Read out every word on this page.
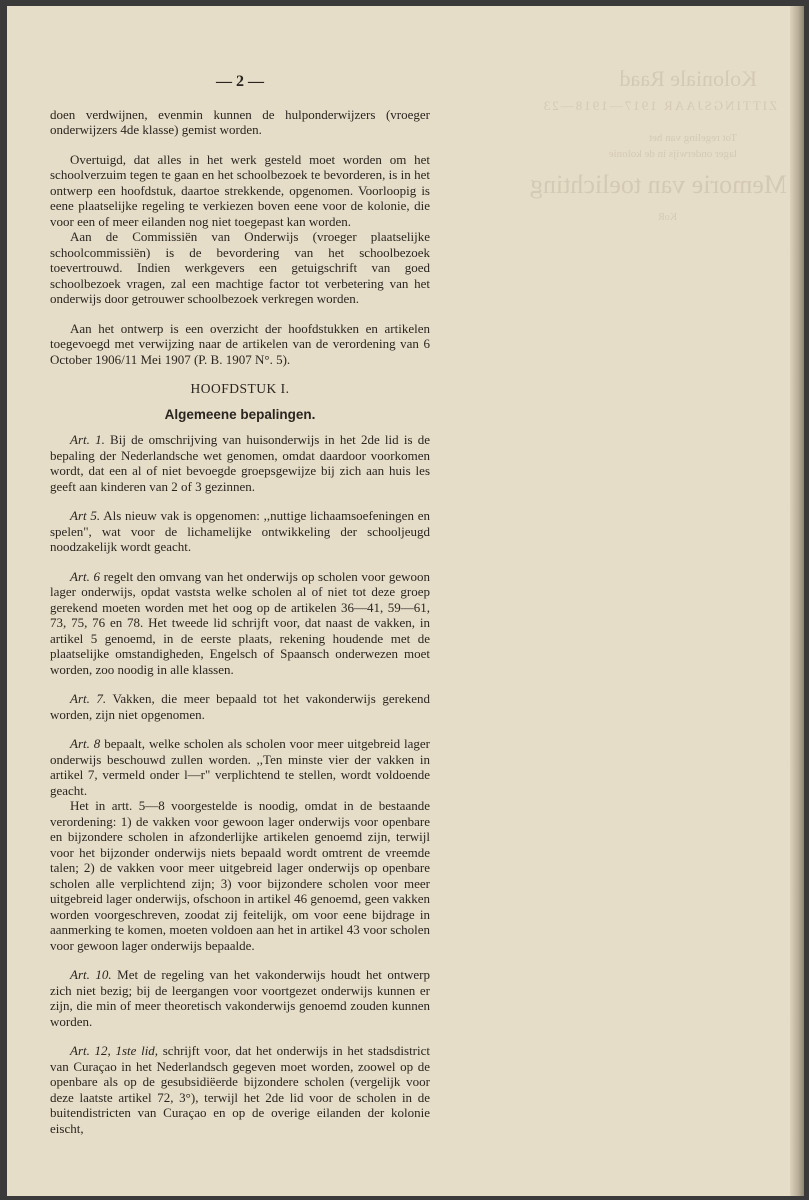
Koloniale Raad
ZITTINGSJAAR 1917—1918—23
Tot regeling van het
lager onderwijs in de kolonie
Memorie van toelichting
KoR
— 2 —

doen verdwijnen, evenmin kunnen de hulponderwijzers (vroeger onderwijzers 4de klasse) gemist worden.

Overtuigd, dat alles in het werk gesteld moet worden om het schoolverzuim tegen te gaan en het schoolbezoek te bevorderen, is in het ontwerp een hoofdstuk, daartoe strekkende, opgenomen. Voorloopig is eene plaatselijke regeling te verkiezen boven eene voor de kolonie, die voor een of meer eilanden nog niet toegepast kan worden.

Aan de Commissiën van Onderwijs (vroeger plaatselijke schoolcommissiën) is de bevordering van het schoolbezoek toevertrouwd. Indien werkgevers een getuigschrift van goed schoolbezoek vragen, zal een machtige factor tot verbetering van het onderwijs door getrouwer schoolbezoek verkregen worden.

Aan het ontwerp is een overzicht der hoofdstukken en artikelen toegevoegd met verwijzing naar de artikelen van de verordening van 6 October 1906/11 Mei 1907 (P. B. 1907 N°. 5).

HOOFDSTUK I.

Algemeene bepalingen.

Art. 1. Bij de omschrijving van huisonderwijs in het 2de lid is de bepaling der Nederlandsche wet genomen, omdat daardoor voorkomen wordt, dat een al of niet bevoegde groepsgewijze bij zich aan huis les geeft aan kinderen van 2 of 3 gezinnen.

Art 5. Als nieuw vak is opgenomen: ,,nuttige lichaamsoefeningen en spelen", wat voor de lichamelijke ontwikkeling der schooljeugd noodzakelijk wordt geacht.

Art. 6 regelt den omvang van het onderwijs op scholen voor gewoon lager onderwijs, opdat vaststa welke scholen al of niet tot deze groep gerekend moeten worden met het oog op de artikelen 36—41, 59—61, 73, 75, 76 en 78. Het tweede lid schrijft voor, dat naast de vakken, in artikel 5 genoemd, in de eerste plaats, rekening houdende met de plaatselijke omstandigheden, Engelsch of Spaansch onderwezen moet worden, zoo noodig in alle klassen.

Art. 7. Vakken, die meer bepaald tot het vakonderwijs gerekend worden, zijn niet opgenomen.

Art. 8 bepaalt, welke scholen als scholen voor meer uitgebreid lager onderwijs beschouwd zullen worden. ,,Ten minste vier der vakken in artikel 7, vermeld onder l—r" verplichtend te stellen, wordt voldoende geacht.

Het in artt. 5—8 voorgestelde is noodig, omdat in de bestaande verordening: 1) de vakken voor gewoon lager onderwijs voor openbare en bijzondere scholen in afzonderlijke artikelen genoemd zijn, terwijl voor het bijzonder onderwijs niets bepaald wordt omtrent de vreemde talen; 2) de vakken voor meer uitgebreid lager onderwijs op openbare scholen alle verplichtend zijn; 3) voor bijzondere scholen voor meer uitgebreid lager onderwijs, ofschoon in artikel 46 genoemd, geen vakken worden voorgeschreven, zoodat zij feitelijk, om voor eene bijdrage in aanmerking te komen, moeten voldoen aan het in artikel 43 voor scholen voor gewoon lager onderwijs bepaalde.

Art. 10. Met de regeling van het vakonderwijs houdt het ontwerp zich niet bezig; bij de leergangen voor voortgezet onderwijs kunnen er zijn, die min of meer theoretisch vakonderwijs genoemd zouden kunnen worden.

Art. 12, 1ste lid, schrijft voor, dat het onderwijs in het stadsdistrict van Curaçao in het Nederlandsch gegeven moet worden, zoowel op de openbare als op de gesubsidiëerde bijzondere scholen (vergelijk voor deze laatste artikel 72, 3°), terwijl het 2de lid voor de scholen in de buitendistricten van Curaçao en op de overige eilanden der kolonie eischt,
